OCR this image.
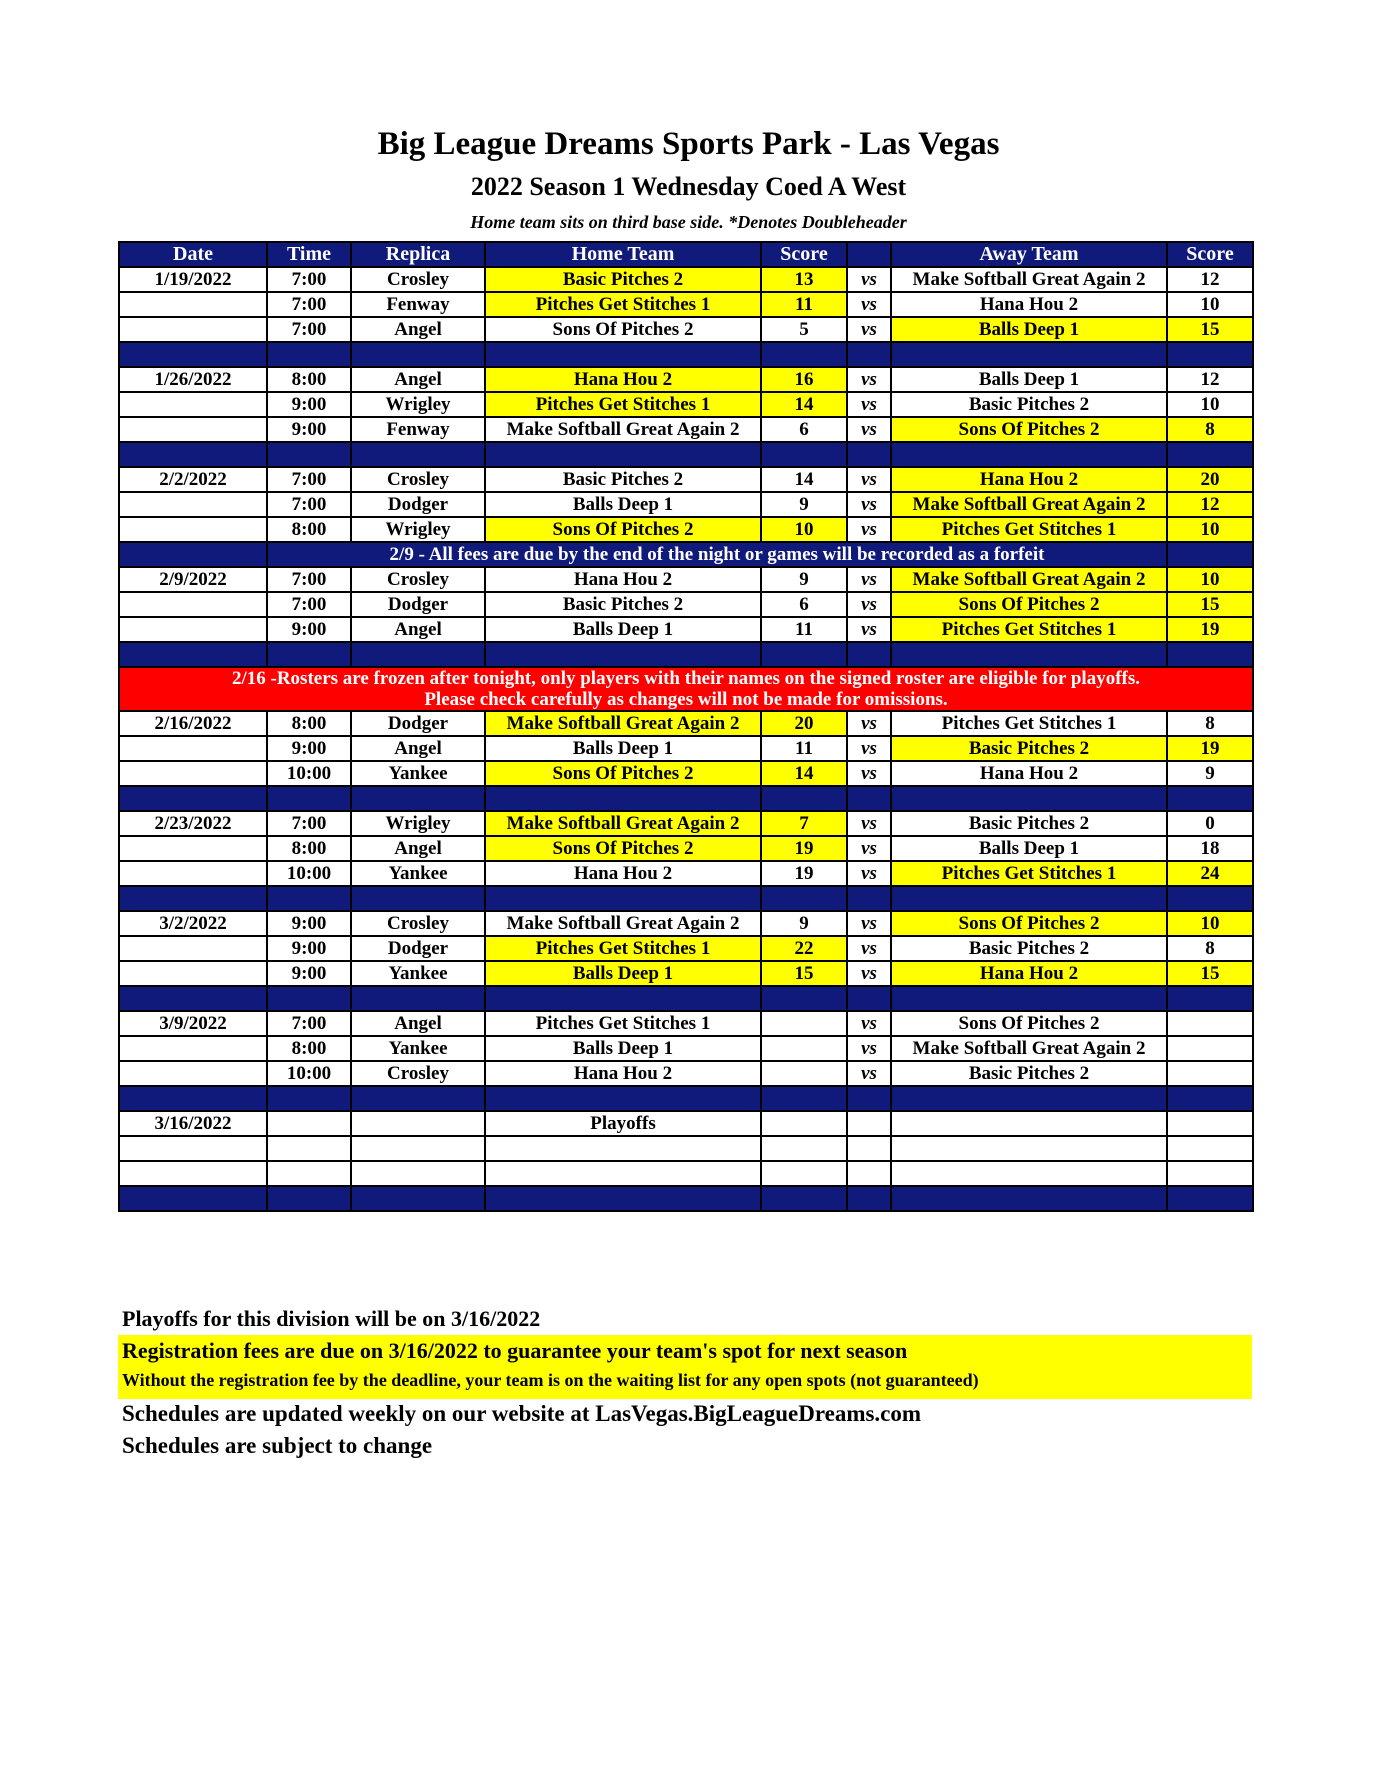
Big League Dreams Sports Park - Las Vegas
2022 Season 1 Wednesday Coed A West
Home team sits on third base side. *Denotes Doubleheader
Date	Time	Replica	Home Team	Score		Away Team	Score
1/19/2022	7:00	Crosley	Basic Pitches 2	13	vs	Make Softball Great Again 2	12
	7:00	Fenway	Pitches Get Stitches 1	11	vs	Hana Hou 2	10
	7:00	Angel	Sons Of Pitches 2	5	vs	Balls Deep 1	15

1/26/2022	8:00	Angel	Hana Hou 2	16	vs	Balls Deep 1	12
	9:00	Wrigley	Pitches Get Stitches 1	14	vs	Basic Pitches 2	10
	9:00	Fenway	Make Softball Great Again 2	6	vs	Sons Of Pitches 2	8

2/2/2022	7:00	Crosley	Basic Pitches 2	14	vs	Hana Hou 2	20
	7:00	Dodger	Balls Deep 1	9	vs	Make Softball Great Again 2	12
	8:00	Wrigley	Sons Of Pitches 2	10	vs	Pitches Get Stitches 1	10
	2/9 - All fees are due by the end of the night or games will be recorded as a forfeit						
2/9/2022	7:00	Crosley	Hana Hou 2	9	vs	Make Softball Great Again 2	10
	7:00	Dodger	Basic Pitches 2	6	vs	Sons Of Pitches 2	15
	9:00	Angel	Balls Deep 1	11	vs	Pitches Get Stitches 1	19

2/16 -Rosters are frozen after tonight, only players with their names on the signed roster are eligible for playoffs.
Please check carefully as changes will not be made for omissions.							

2/16/2022	8:00	Dodger	Make Softball Great Again 2	20	vs	Pitches Get Stitches 1	8
	9:00	Angel	Balls Deep 1	11	vs	Basic Pitches 2	19
	10:00	Yankee	Sons Of Pitches 2	14	vs	Hana Hou 2	9

2/23/2022	7:00	Wrigley	Make Softball Great Again 2	7	vs	Basic Pitches 2	0
	8:00	Angel	Sons Of Pitches 2	19	vs	Balls Deep 1	18
	10:00	Yankee	Hana Hou 2	19	vs	Pitches Get Stitches 1	24

3/2/2022	9:00	Crosley	Make Softball Great Again 2	9	vs	Sons Of Pitches 2	10
	9:00	Dodger	Pitches Get Stitches 1	22	vs	Basic Pitches 2	8
	9:00	Yankee	Balls Deep 1	15	vs	Hana Hou 2	15

3/9/2022	7:00	Angel	Pitches Get Stitches 1		vs	Sons Of Pitches 2	
	8:00	Yankee	Balls Deep 1		vs	Make Softball Great Again 2	
	10:00	Crosley	Hana Hou 2		vs	Basic Pitches 2	

3/16/2022			Playoffs				

Playoffs for this division will be on 3/16/2022
Registration fees are due on 3/16/2022 to guarantee your team's spot for next season
Without the registration fee by the deadline, your team is on the waiting list for any open spots (not guaranteed)
Schedules are updated weekly on our website at LasVegas.BigLeagueDreams.com
Schedules are subject to change
